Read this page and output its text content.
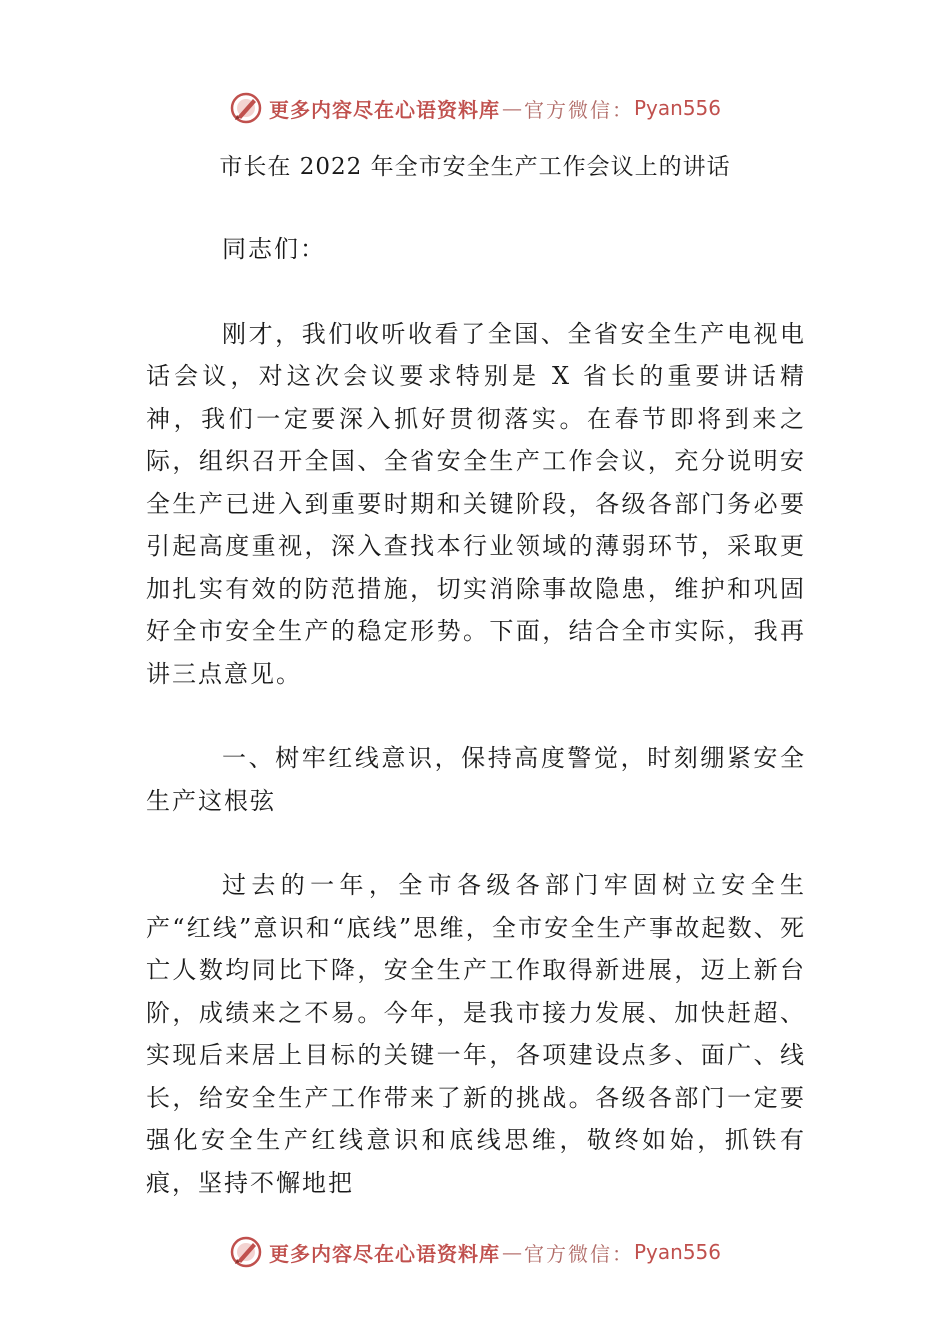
更多内容尽在心语资料库 — 官方微信： Pyan556
市长在 2022 年全市安全生产工作会议上的讲话

同志们：

刚才，我们收听收看了全国、全省安全生产电视电话会议，对这次会议要求特别是 X 省长的重要讲话精神，我们一定要深入抓好贯彻落实。在春节即将到来之际，组织召开全国、全省安全生产工作会议，充分说明安全生产已进入到重要时期和关键阶段，各级各部门务必要引起高度重视，深入查找本行业领域的薄弱环节，采取更加扎实有效的防范措施，切实消除事故隐患，维护和巩固好全市安全生产的稳定形势。下面，结合全市实际，我再讲三点意见。

一、树牢红线意识，保持高度警觉，时刻绷紧安全生产这根弦

过去的一年，全市各级各部门牢固树立安全生产“红线”意识和“底线”思维，全市安全生产事故起数、死亡人数均同比下降，安全生产工作取得新进展，迈上新台阶，成绩来之不易。今年，是我市接力发展、加快赶超、实现后来居上目标的关键一年，各项建设点多、面广、线长，给安全生产工作带来了新的挑战。各级各部门一定要强化安全生产红线意识和底线思维，敬终如始，抓铁有痕，坚持不懈地把

更多内容尽在心语资料库 — 官方微信： Pyan556
